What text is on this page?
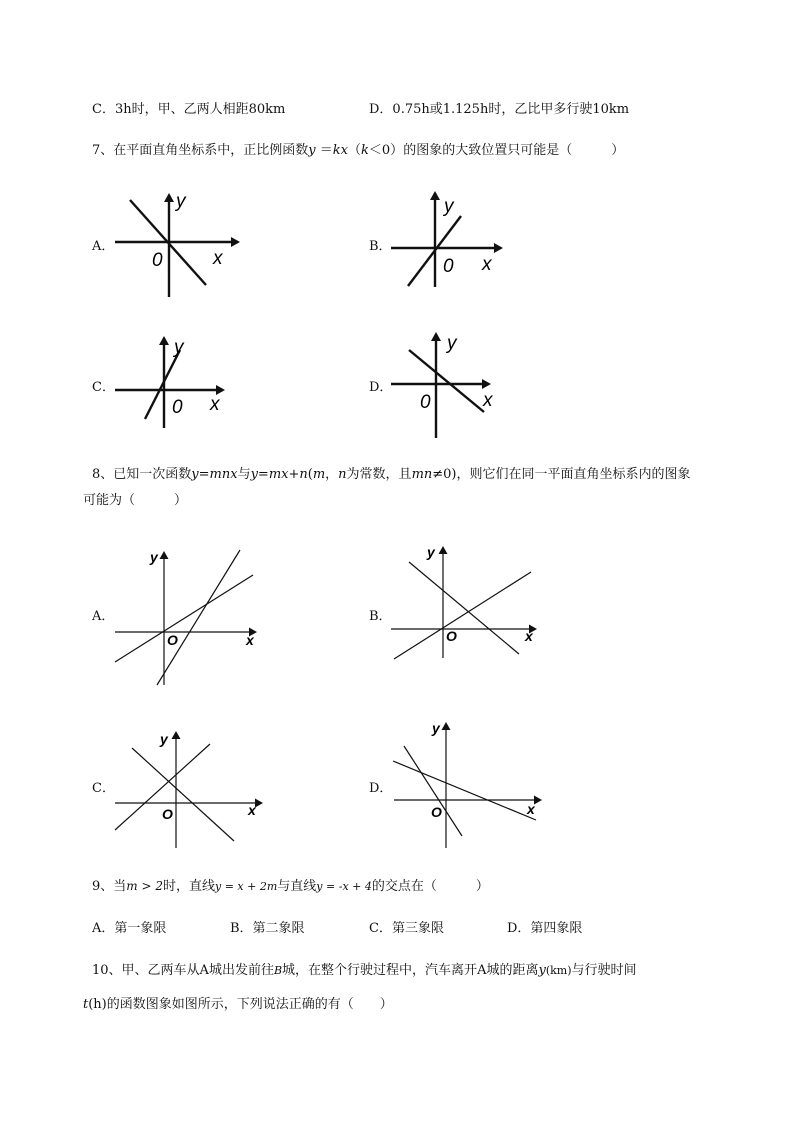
C．3h时，甲、乙两人相距80km	D．0.75h或1.125h时，乙比甲多行驶10km
7、在平面直角坐标系中，正比例函数y ＝kx（k＜0）的图象的大致位置只可能是（　　　）
A．	B．
C．	D．
y
x
0
y
x
0
y
x
0
y
x
0
8、已知一次函数y=mnx与y=mx+n(m，n为常数，且mn≠0)，则它们在同一平面直角坐标系内的图象
可能为（　　　）
A．	B．
C．	D．
y
x
O
y
x
O
y
x
O
y
x
O
9、当m > 2时，直线y = x + 2m与直线y = -x + 4的交点在（　　　）
A．第一象限	B．第二象限	C．第三象限	D．第四象限
10、甲、乙两车从A城出发前往B城，在整个行驶过程中，汽车离开A城的距离y(km)与行驶时间
t(h)的函数图象如图所示，下列说法正确的有（　　）
